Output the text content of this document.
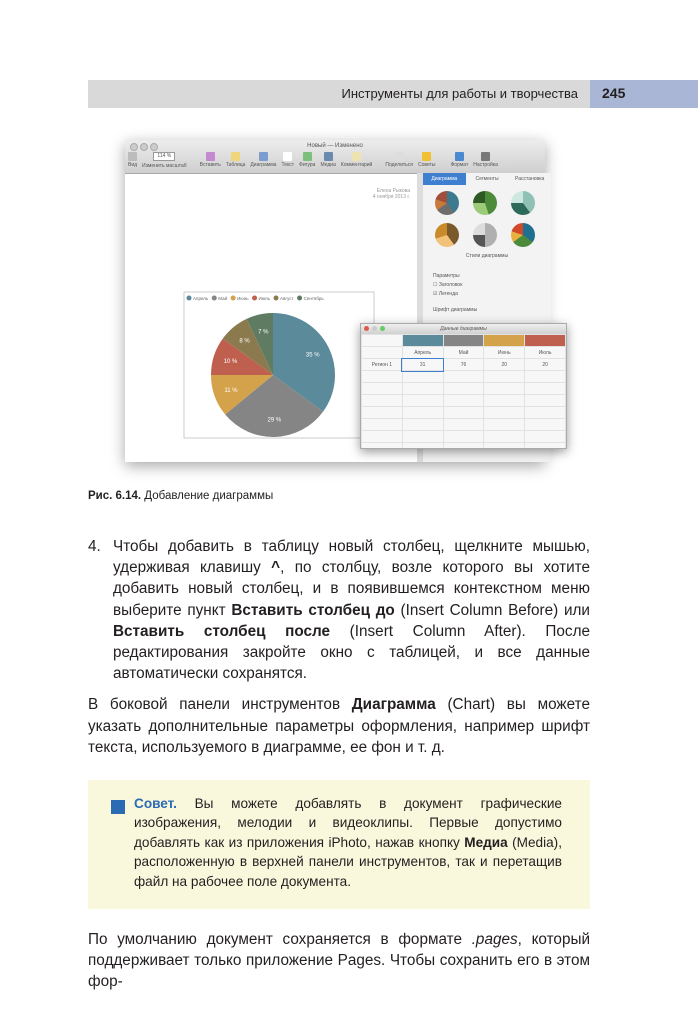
Инструменты для работы и творчества 245
Новый — Изменено
Вид
114 %
Изменить масштаб	Вставить Таблица Диаграмма Текст Фигура Медиа Комментарий	Поделиться Советы	Формат Настройка
Елена Рыкова
4 ноября 2013 г.
35 %
Апрель
29 %
Май
11 %
Июнь
10 %
Июль
8 %
Август
7 %
Сентябрь
Диаграмма	Сегменты	Расстановка
Стили диаграммы
Параметры
☐ Заголовок
☑ Легенда
Шрифт диаграммы
Данные диаграммы

	Апрель	Май	Июнь	Июль
Регион 1	31	76	20	20

Рис. 6.14. Добавление диаграммы
4. Чтобы добавить в таблицу новый столбец, щелкните мышью, удерживая клавишу ^, по столбцу, возле которого вы хотите добавить новый столбец, и в появившемся контекстном меню выберите пункт Вставить столбец до (Insert Column Before) или Вставить столбец после (Insert Column After). После редактирования закройте окно с таблицей, и все данные автоматически сохранятся.

В боковой панели инструментов Диаграмма (Chart) вы можете указать дополнительные параметры оформления, например шрифт текста, используемого в диаграмме, ее фон и т. д.

Совет. Вы можете добавлять в документ графические изображения, мелодии и видеоклипы. Первые допустимо добавлять как из приложения iPhoto, нажав кнопку Медиа (Media), расположенную в верхней панели инструментов, так и перетащив файл на рабочее поле документа.

По умолчанию документ сохраняется в формате .pages, который поддерживает только приложение Pages. Чтобы сохранить его в этом фор-
